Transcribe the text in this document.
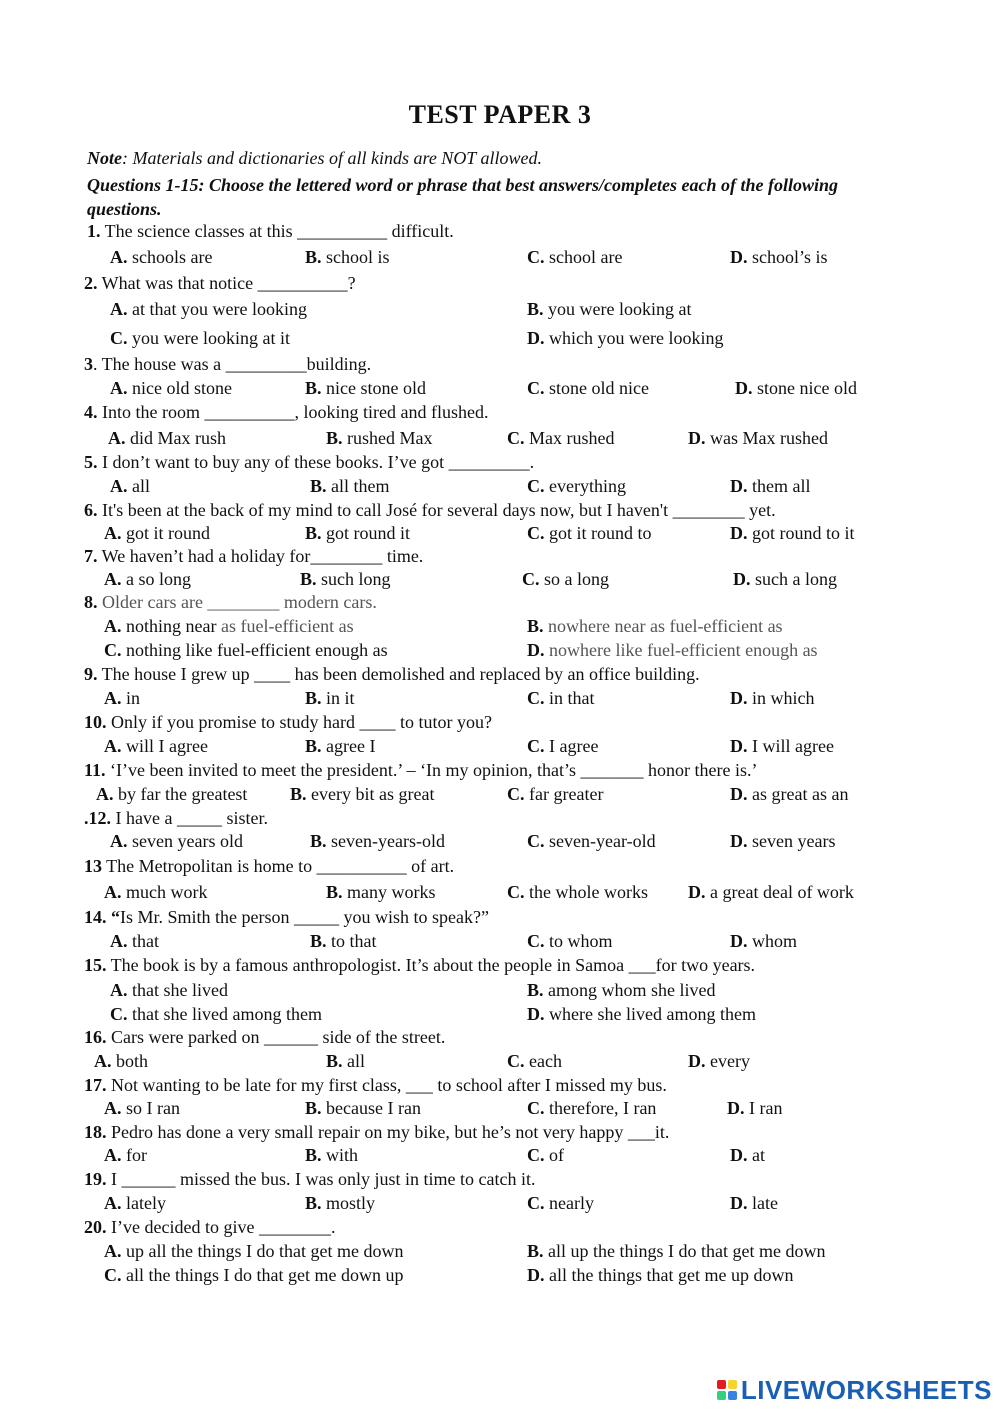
TEST PAPER 3
Note: Materials and dictionaries of all kinds are NOT allowed.
Questions 1-15: Choose the lettered word or phrase that best answers/completes each of the following questions.
1. The science classes at this __________ difficult.
A. schools are	B. school is	C. school are	D. school’s is
2. What was that notice __________?
A. at that you were looking	B. you were looking at
C. you were looking at it	D. which you were looking
3. The house was a _________building.
A. nice old stone	B. nice stone old	C. stone old nice	D. stone nice old
4. Into the room __________, looking tired and flushed.
A. did Max rush	B. rushed Max	C. Max rushed	D. was Max rushed
5. I don’t want to buy any of these books. I’ve got _________.
A. all	B. all them	C. everything	D. them all
6. It's been at the back of my mind to call José for several days now, but I haven't ________ yet.
A. got it round	B. got round it	C. got it round to	D. got round to it
7. We haven’t had a holiday for________ time.
A. a so long	B. such long	C. so a long	D. such a long
8. Older cars are ________ modern cars.
A. nothing near as fuel-efficient as	B. nowhere near as fuel-efficient as
C. nothing like fuel-efficient enough as	D. nowhere like fuel-efficient enough as
9. The house I grew up ____ has been demolished and replaced by an office building.
A. in	B. in it	C. in that	D. in which
10. Only if you promise to study hard ____ to tutor you?
A. will I agree	B. agree I	C. I agree	D. I will agree
11. ‘I’ve been invited to meet the president.’ – ‘In my opinion, that’s _______ honor there is.’
A. by far the greatest B. every bit as great	C. far greater	D. as great as an
.12. I have a _____ sister.
A. seven years old	B. seven-years-old	C. seven-year-old	D. seven years
13 The Metropolitan is home to __________ of art.
A. much work	B. many works	C. the whole works D. a great deal of work
14. “Is Mr. Smith the person _____ you wish to speak?”
A. that	B. to that	C. to whom	D. whom
15. The book is by a famous anthropologist. It’s about the people in Samoa ___for two years.
A. that she lived	B. among whom she lived
C. that she lived among them	D. where she lived among them
16. Cars were parked on ______ side of the street.
A. both	B. all	C. each	D. every
17. Not wanting to be late for my first class, ___ to school after I missed my bus.
A. so I ran	B. because I ran	C. therefore, I ran	D. I ran
18. Pedro has done a very small repair on my bike, but he’s not very happy ___it.
A. for	B. with	C. of	D. at
19. I ______ missed the bus. I was only just in time to catch it.
A. lately	B. mostly	C. nearly	D. late
20. I’ve decided to give ________.
A. up all the things I do that get me down	B. all up the things I do that get me down
C. all the things I do that get me down up	D. all the things that get me up down
LIVEWORKSHEETS
